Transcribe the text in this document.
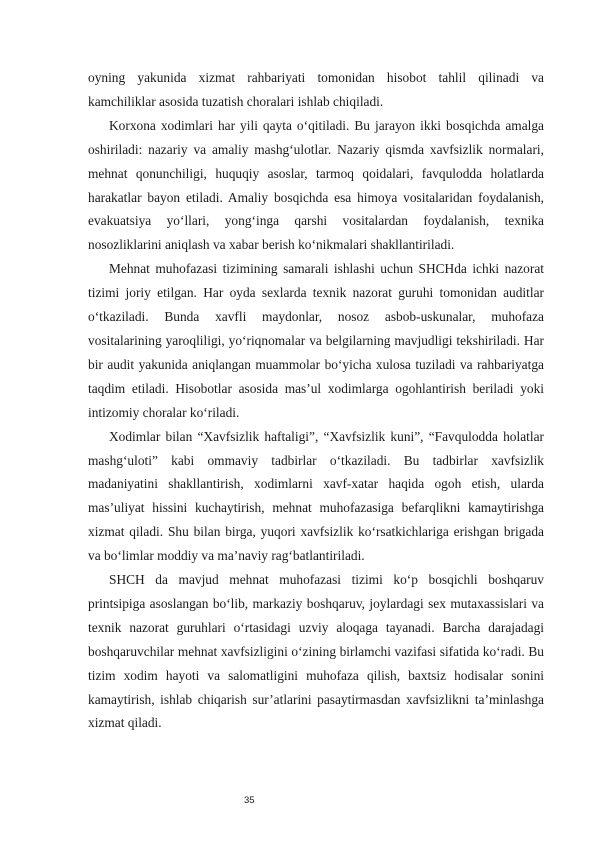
oyning yakunida xizmat rahbariyati tomonidan hisobot tahlil qilinadi va kamchiliklar asosida tuzatish choralari ishlab chiqiladi.

Korxona xodimlari har yili qayta o‘qitiladi. Bu jarayon ikki bosqichda amalga oshiriladi: nazariy va amaliy mashg‘ulotlar. Nazariy qismda xavfsizlik normalari, mehnat qonunchiligi, huquqiy asoslar, tarmoq qoidalari, favqulodda holatlarda harakatlar bayon etiladi. Amaliy bosqichda esa himoya vositalaridan foydalanish, evakuatsiya yo‘llari, yong‘inga qarshi vositalardan foydalanish, texnika nosozliklarini aniqlash va xabar berish ko‘nikmalari shakllantiriladi.

Mehnat muhofazasi tizimining samarali ishlashi uchun SHCHda ichki nazorat tizimi joriy etilgan. Har oyda sexlarda texnik nazorat guruhi tomonidan auditlar o‘tkaziladi. Bunda xavfli maydonlar, nosoz asbob-uskunalar, muhofaza vositalarining yaroqliligi, yo‘riqnomalar va belgilarning mavjudligi tekshiriladi. Har bir audit yakunida aniqlangan muammolar bo‘yicha xulosa tuziladi va rahbariyatga taqdim etiladi. Hisobotlar asosida mas’ul xodimlarga ogohlantirish beriladi yoki intizomiy choralar ko‘riladi.

Xodimlar bilan “Xavfsizlik haftaligi”, “Xavfsizlik kuni”, “Favqulodda holatlar mashg‘uloti” kabi ommaviy tadbirlar o‘tkaziladi. Bu tadbirlar xavfsizlik madaniyatini shakllantirish, xodimlarni xavf-xatar haqida ogoh etish, ularda mas’uliyat hissini kuchaytirish, mehnat muhofazasiga befarqlikni kamaytirishga xizmat qiladi. Shu bilan birga, yuqori xavfsizlik ko‘rsatkichlariga erishgan brigada va bo‘limlar moddiy va ma’naviy rag‘batlantiriladi.

SHCH da mavjud mehnat muhofazasi tizimi ko‘p bosqichli boshqaruv printsipiga asoslangan bo‘lib, markaziy boshqaruv, joylardagi sex mutaxassislari va texnik nazorat guruhlari o‘rtasidagi uzviy aloqaga tayanadi. Barcha darajadagi boshqaruvchilar mehnat xavfsizligini o‘zining birlamchi vazifasi sifatida ko‘radi. Bu tizim xodim hayoti va salomatligini muhofaza qilish, baxtsiz hodisalar sonini kamaytirish, ishlab chiqarish sur’atlarini pasaytirmasdan xavfsizlikni ta’minlashga xizmat qiladi.

35
